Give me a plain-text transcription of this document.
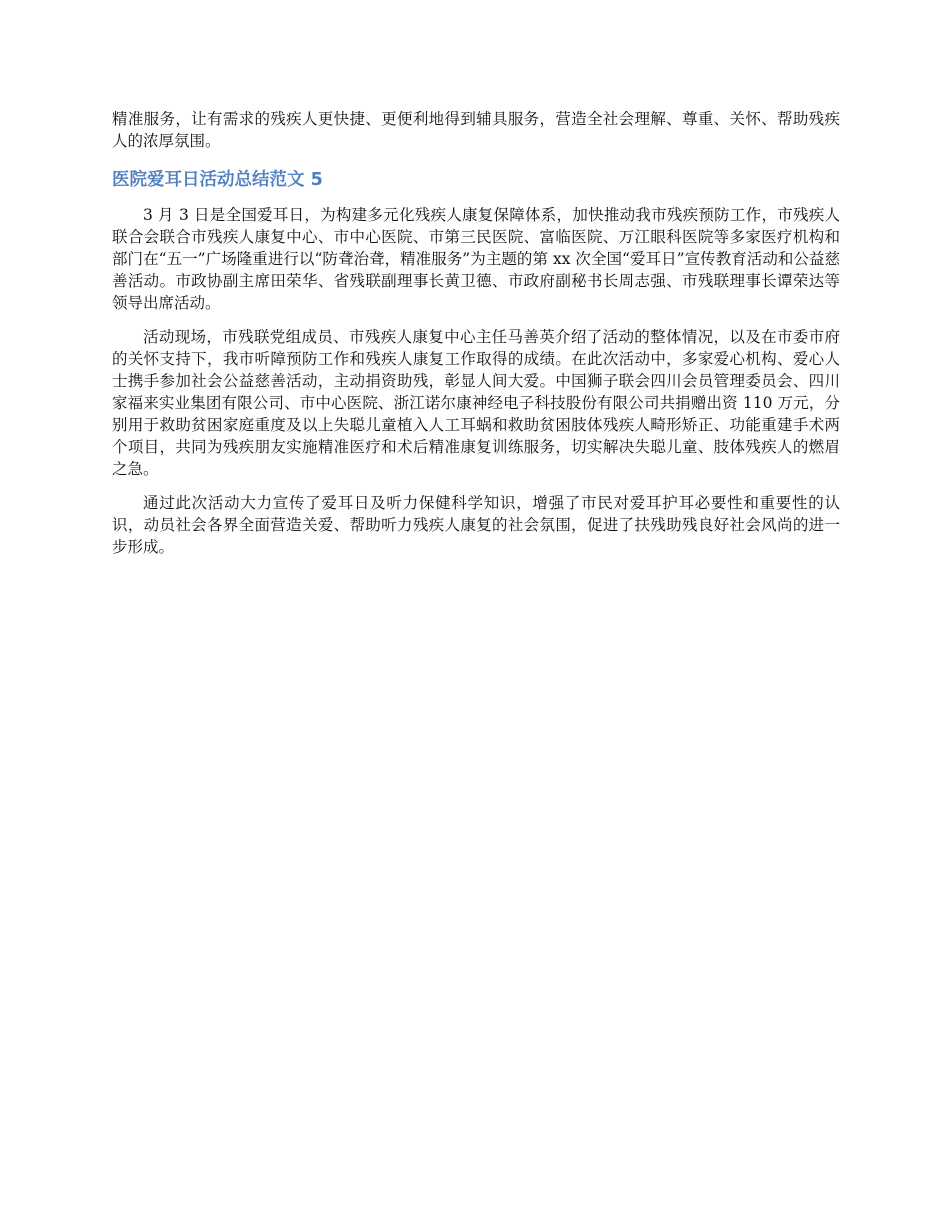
精准服务，让有需求的残疾人更快捷、更便利地得到辅具服务，营造全社会理解、尊重、关怀、帮助残疾人的浓厚氛围。

医院爱耳日活动总结范文 5

3 月 3 日是全国爱耳日，为构建多元化残疾人康复保障体系，加快推动我市残疾预防工作，市残疾人联合会联合市残疾人康复中心、市中心医院、市第三民医院、富临医院、万江眼科医院等多家医疗机构和部门在“五一”广场隆重进行以“防聋治聋，精准服务”为主题的第 xx 次全国“爱耳日”宣传教育活动和公益慈善活动。市政协副主席田荣华、省残联副理事长黄卫德、市政府副秘书长周志强、市残联理事长谭荣达等领导出席活动。

活动现场，市残联党组成员、市残疾人康复中心主任马善英介绍了活动的整体情况，以及在市委市府的关怀支持下，我市听障预防工作和残疾人康复工作取得的成绩。在此次活动中，多家爱心机构、爱心人士携手参加社会公益慈善活动，主动捐资助残，彰显人间大爱。中国狮子联会四川会员管理委员会、四川家福来实业集团有限公司、市中心医院、浙江诺尔康神经电子科技股份有限公司共捐赠出资 110 万元，分别用于救助贫困家庭重度及以上失聪儿童植入人工耳蜗和救助贫困肢体残疾人畸形矫正、功能重建手术两个项目，共同为残疾朋友实施精准医疗和术后精准康复训练服务，切实解决失聪儿童、肢体残疾人的燃眉之急。

通过此次活动大力宣传了爱耳日及听力保健科学知识，增强了市民对爱耳护耳必要性和重要性的认识，动员社会各界全面营造关爱、帮助听力残疾人康复的社会氛围，促进了扶残助残良好社会风尚的进一步形成。
